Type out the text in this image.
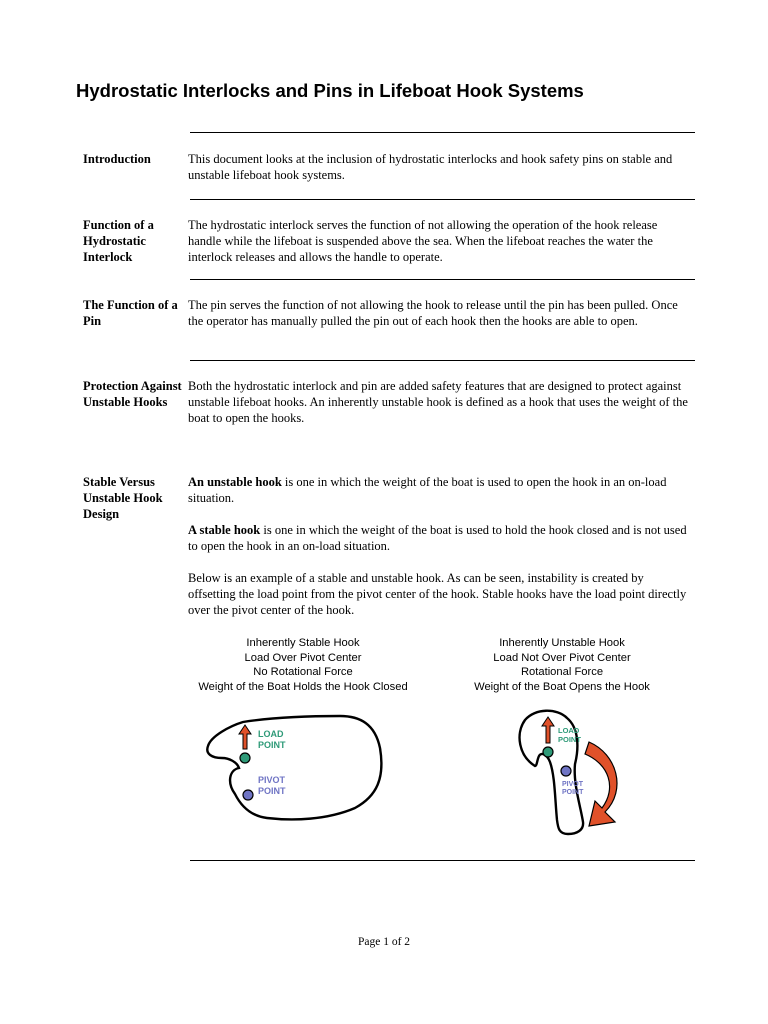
Hydrostatic Interlocks and Pins in Lifeboat Hook Systems

Introduction	This document looks at the inclusion of hydrostatic interlocks and hook safety pins on stable and unstable lifeboat hook systems.

Function of a Hydrostatic Interlock

The hydrostatic interlock serves the function of not allowing the operation of the hook release handle while the lifeboat is suspended above the sea. When the lifeboat reaches the water the interlock releases and allows the handle to operate.

The Function of a Pin

The pin serves the function of not allowing the hook to release until the pin has been pulled. Once the operator has manually pulled the pin out of each hook then the hooks are able to open.

Protection Against Unstable Hooks

Both the hydrostatic interlock and pin are added safety features that are designed to protect against unstable lifeboat hooks. An inherently unstable hook is defined as a hook that uses the weight of the boat to open the hooks.

Stable Versus Unstable Hook Design

An unstable hook is one in which the weight of the boat is used to open the hook in an on-load situation.

A stable hook is one in which the weight of the boat is used to hold the hook closed and is not used to open the hook in an on-load situation.

Below is an example of a stable and unstable hook. As can be seen, instability is created by offsetting the load point from the pivot center of the hook. Stable hooks have the load point directly over the pivot center of the hook.

Inherently Stable Hook
Load Over Pivot Center
No Rotational Force
Weight of the Boat Holds the Hook Closed
LOAD
POINT
PIVOT
POINT
Inherently Unstable Hook
Load Not Over Pivot Center
Rotational Force
Weight of the Boat Opens the Hook
LOAD
POINT
PIVOT
POINT
Page 1 of 2
